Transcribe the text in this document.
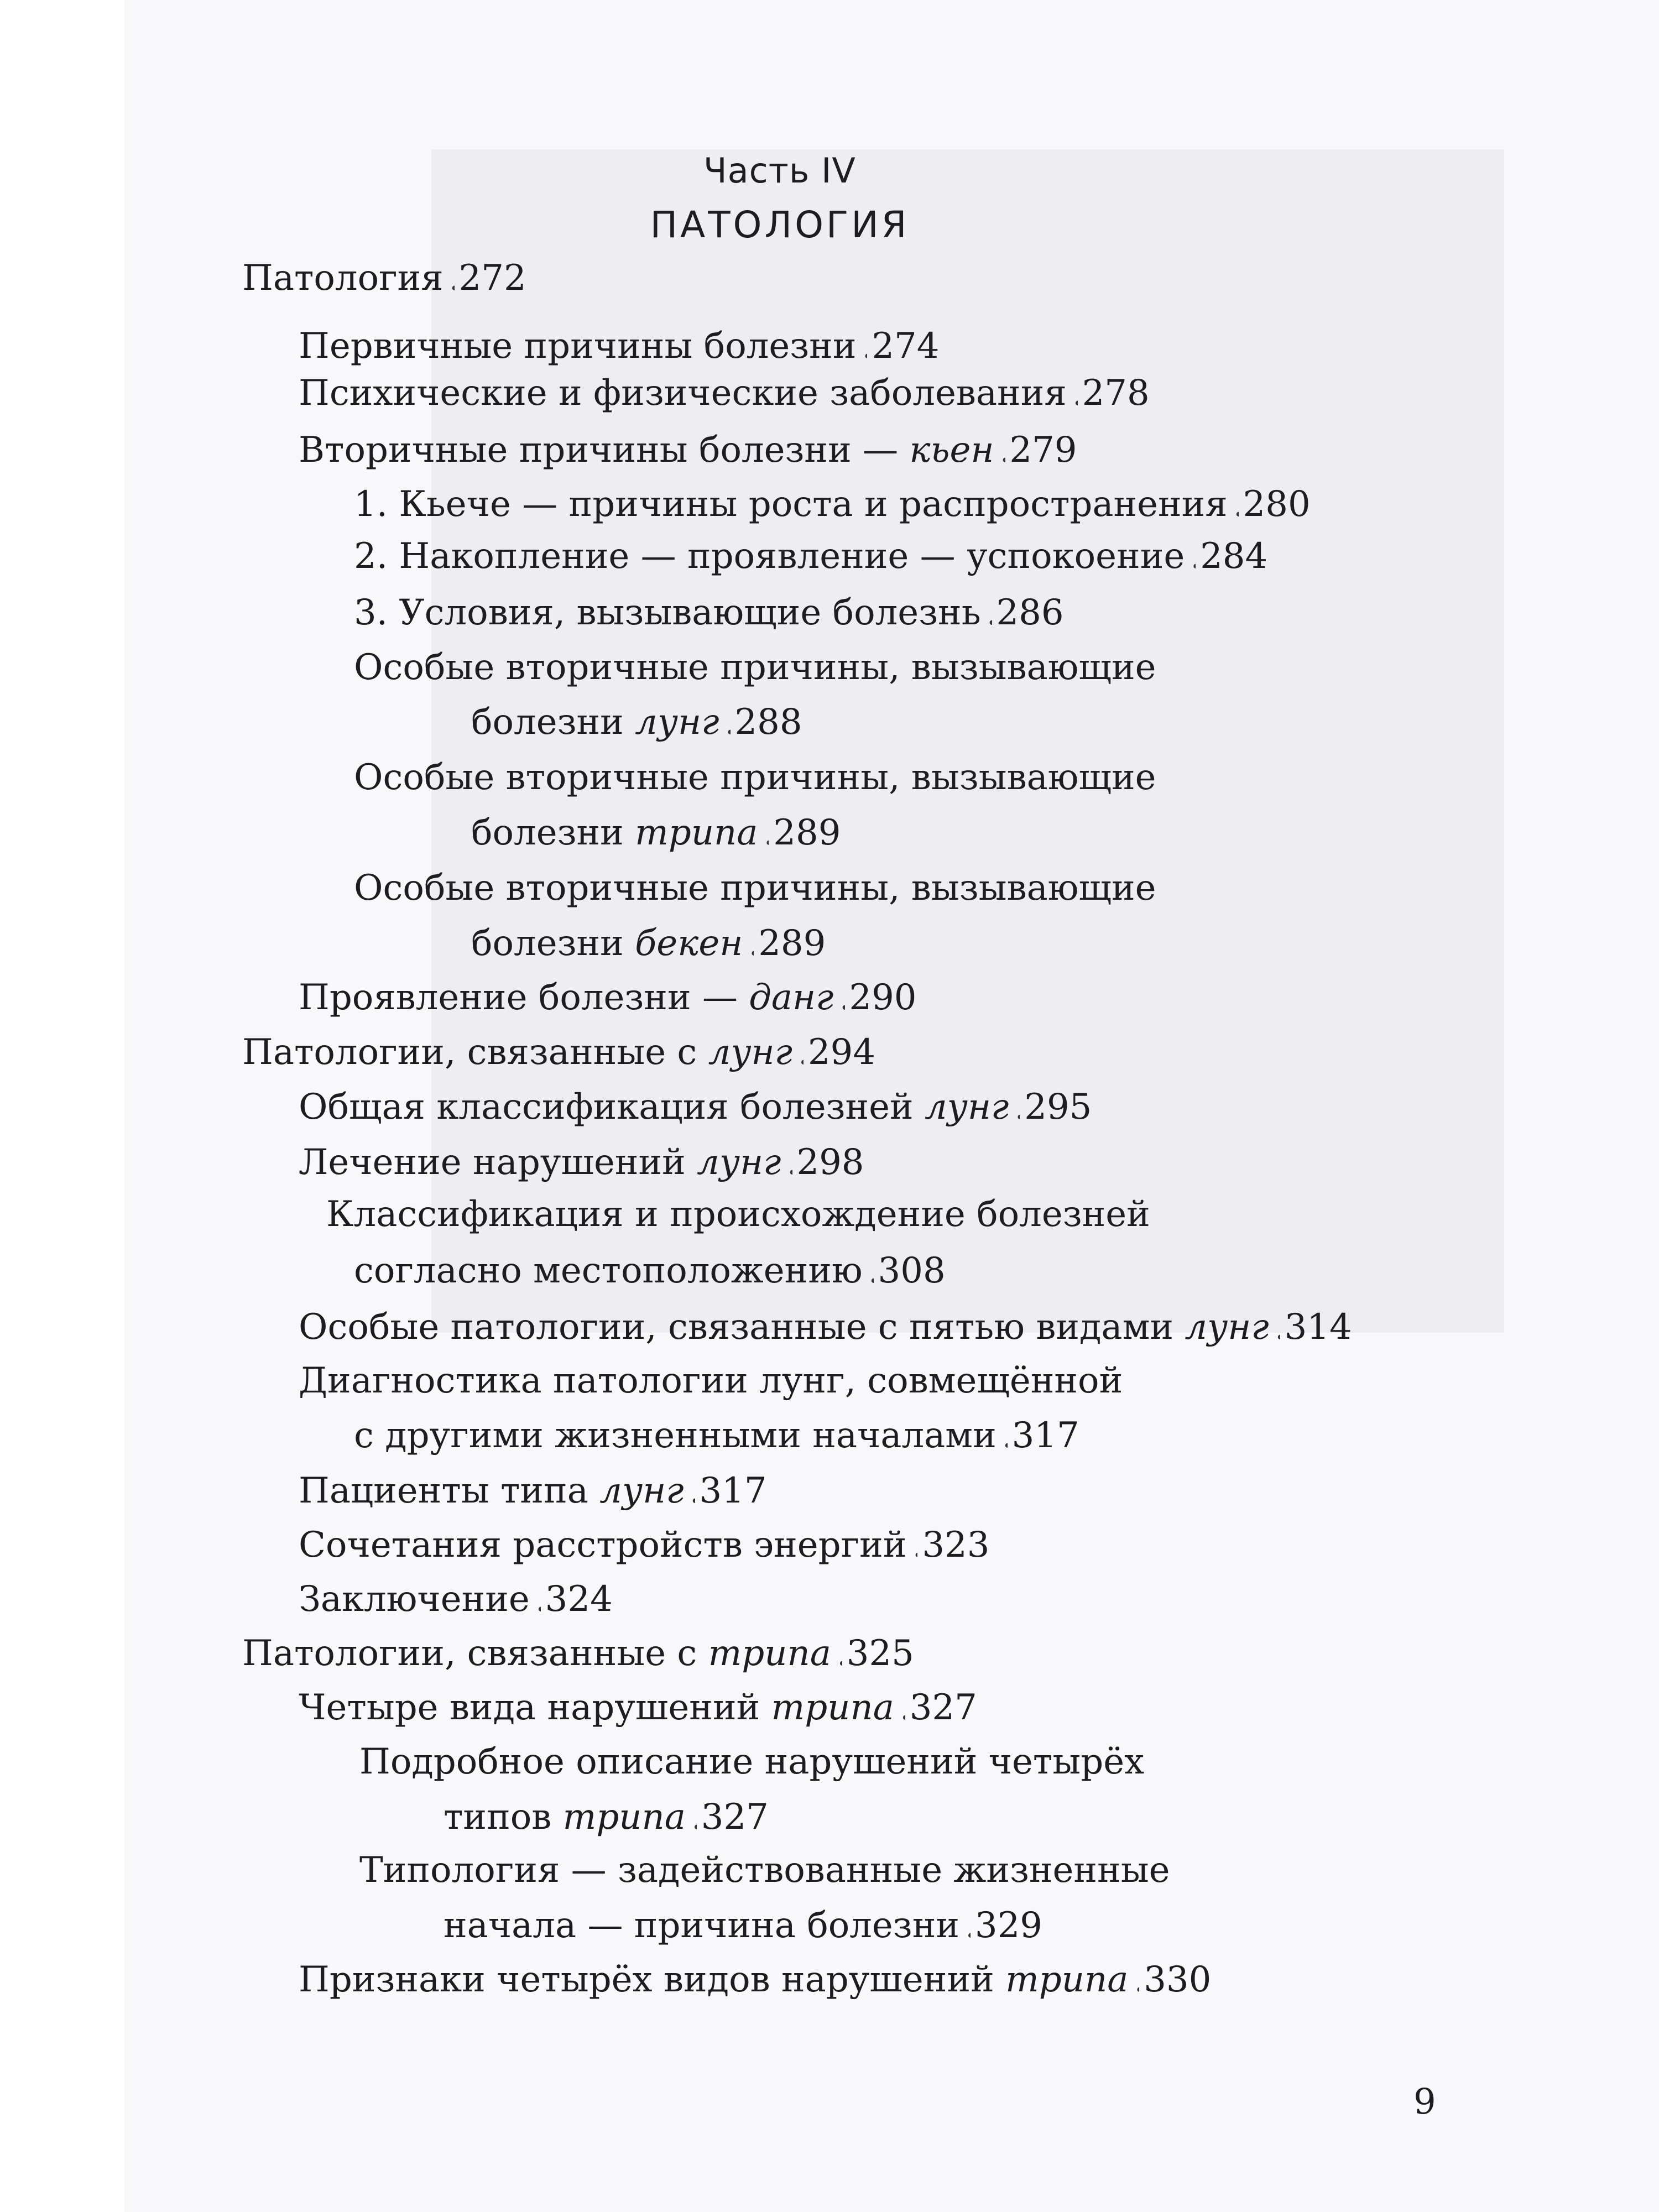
Часть IV
ПАТОЛОГИЯ
Патология . . . 272
Первичные причины болезни . . . 274
Психические и физические заболевания . . . 278
Вторичные причины болезни — кьен . . . 279
1. Кьече — причины роста и распространения . . . 280
2. Накопление — проявление — успокоение . . . 284
3. Условия, вызывающие болезнь . . . 286
Особые вторичные причины, вызывающие
болезни лунг . . . 288
Особые вторичные причины, вызывающие
болезни трипа . . . 289
Особые вторичные причины, вызывающие
болезни бекен . . . 289
Проявление болезни — данг . . . 290
Патологии, связанные с лунг . . . 294
Общая классификация болезней лунг . . . 295
Лечение нарушений лунг . . . 298
Классификация и происхождение болезней
согласно местоположению . . . 308
Особые патологии, связанные с пятью видами лунг . . . 314
Диагностика патологии лунг, совмещённой
с другими жизненными началами . . . 317
Пациенты типа лунг . . . 317
Сочетания расстройств энергий . . . 323
Заключение . . . 324
Патологии, связанные с трипа . . . 325
Четыре вида нарушений трипа . . . 327
Подробное описание нарушений четырёх
типов трипа . . . 327
Типология — задействованные жизненные
начала — причина болезни . . . 329
Признаки четырёх видов нарушений трипа . . . 330
9
